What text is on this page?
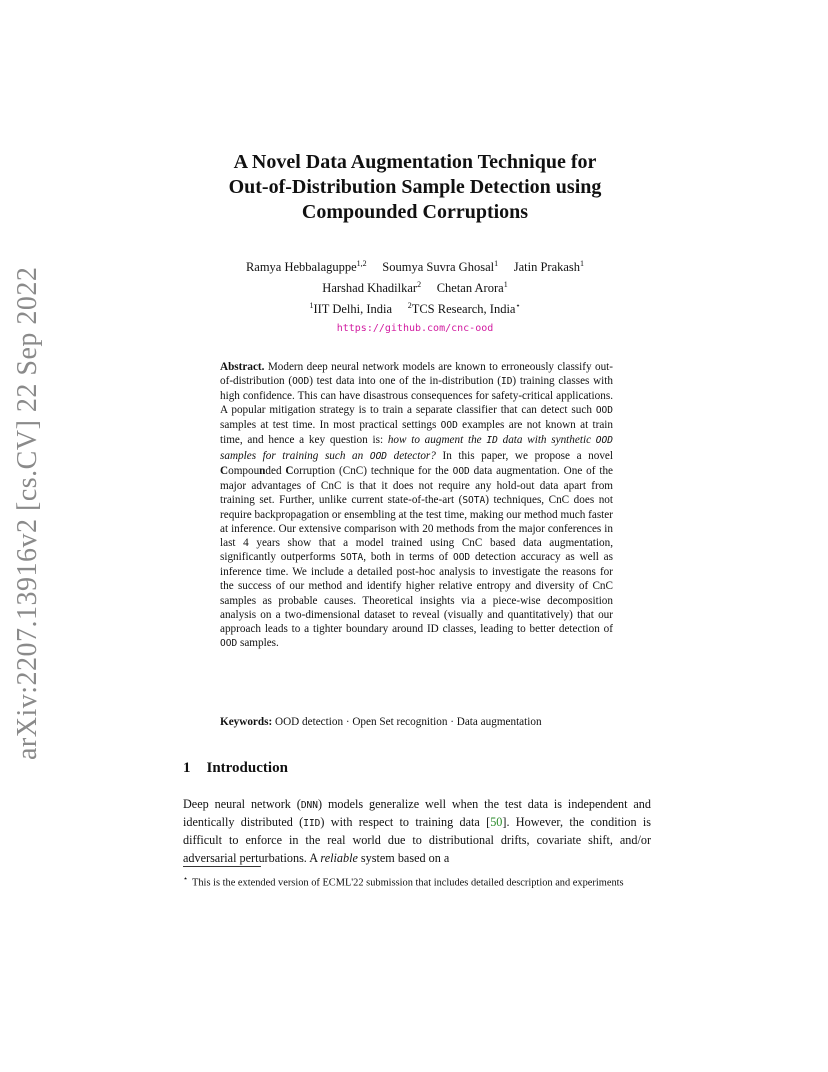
arXiv:2207.13916v2 [cs.CV] 22 Sep 2022
A Novel Data Augmentation Technique for
Out-of-Distribution Sample Detection using
Compounded Corruptions
Ramya Hebbalaguppe$^{1,2}$ Soumya Suvra Ghosal$^1$ Jatin Prakash$^1$
Harshad Khadilkar$^2$ Chetan Arora$^1$
$^1$IIT Delhi, India $^2$TCS Research, India⋆
https://github.com/cnc-ood
Abstract. Modern deep neural network models are known to erroneously classify out-of-distribution (OOD) test data into one of the in-distribution (ID) training classes with high confidence. This can have disastrous consequences for safety-critical applications. A popular mitigation strategy is to train a separate classifier that can detect such OOD samples at test time. In most practical settings OOD examples are not known at train time, and hence a key question is: how to augment the ID data with synthetic OOD samples for training such an OOD detector? In this paper, we propose a novel Compounded Corruption (CnC) technique for the OOD data augmentation. One of the major advantages of CnC is that it does not require any hold-out data apart from training set. Further, unlike current state-of-the-art (SOTA) techniques, CnC does not require backpropagation or ensembling at the test time, making our method much faster at inference. Our extensive comparison with 20 methods from the major conferences in last 4 years show that a model trained using CnC based data augmentation, significantly outperforms SOTA, both in terms of OOD detection accuracy as well as inference time. We include a detailed post-hoc analysis to investigate the reasons for the success of our method and identify higher relative entropy and diversity of CnC samples as probable causes. Theoretical insights via a piece-wise decomposition analysis on a two-dimensional dataset to reveal (visually and quantitatively) that our approach leads to a tighter boundary around ID classes, leading to better detection of OOD samples.
Keywords: OOD detection · Open Set recognition · Data augmentation
1 Introduction
Deep neural network (DNN) models generalize well when the test data is independent and identically distributed (IID) with respect to training data [50]. However, the condition is difficult to enforce in the real world due to distributional drifts, covariate shift, and/or adversarial perturbations. A reliable system based on a
⋆ This is the extended version of ECML'22 submission that includes detailed description and experiments
